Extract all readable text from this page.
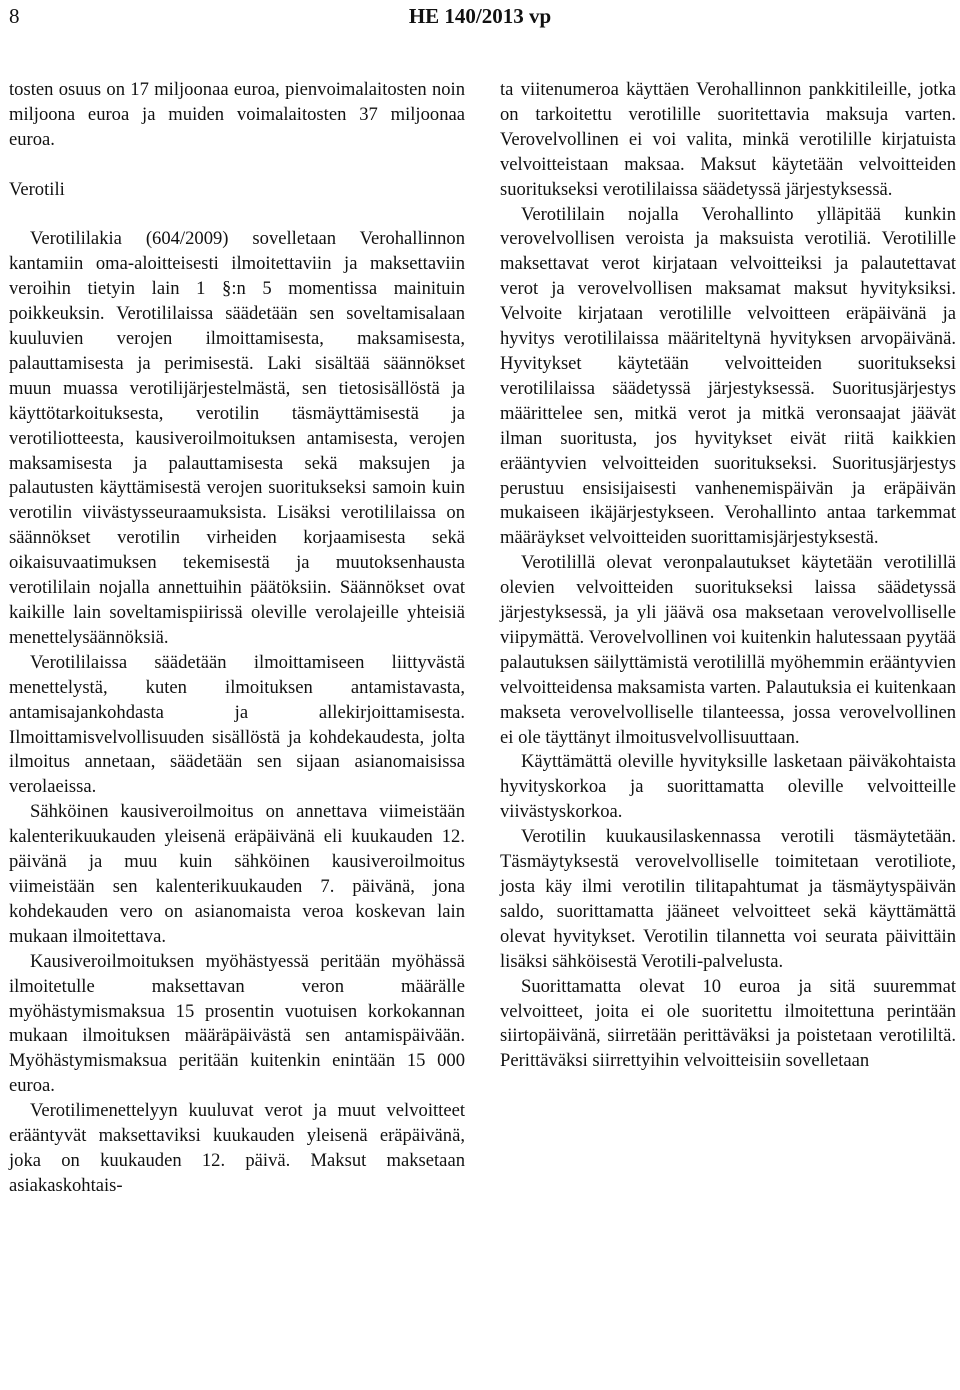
8	HE 140/2013 vp

tosten osuus on 17 miljoonaa euroa, pienvoimalaitosten noin miljoona euroa ja muiden voimalaitosten 37 miljoonaa euroa.

Verotili

Verotililakia (604/2009) sovelletaan Verohallinnon kantamiin oma-aloitteisesti ilmoitettaviin ja maksettaviin veroihin tietyin lain 1 §:n 5 momentissa mainituin poikkeuksin. Verotililaissa säädetään sen soveltamisalaan kuuluvien verojen ilmoittamisesta, maksamisesta, palauttamisesta ja perimisestä. Laki sisältää säännökset muun muassa verotilijärjestelmästä, sen tietosisällöstä ja käyttötarkoituksesta, verotilin täsmäyttämisestä ja verotiliotteesta, kausiveroilmoituksen antamisesta, verojen maksamisesta ja palauttamisesta sekä maksujen ja palautusten käyttämisestä verojen suoritukseksi samoin kuin verotilin viivästysseuraamuksista. Lisäksi verotililaissa on säännökset verotilin virheiden korjaamisesta sekä oikaisuvaatimuksen tekemisestä ja muutoksenhausta verotililain nojalla annettuihin päätöksiin. Säännökset ovat kaikille lain soveltamispiirissä oleville verolajeille yhteisiä menettelysäännöksiä.

Verotililaissa säädetään ilmoittamiseen liittyvästä menettelystä, kuten ilmoituksen antamistavasta, antamisajankohdasta ja allekirjoittamisesta. Ilmoittamisvelvollisuuden sisällöstä ja kohdekaudesta, jolta ilmoitus annetaan, säädetään sen sijaan asianomaisissa verolaeissa.

Sähköinen kausiveroilmoitus on annettava viimeistään kalenterikuukauden yleisenä eräpäivänä eli kuukauden 12. päivänä ja muu kuin sähköinen kausiveroilmoitus viimeistään sen kalenterikuukauden 7. päivänä, jona kohdekauden vero on asianomaista veroa koskevan lain mukaan ilmoitettava.

Kausiveroilmoituksen myöhästyessä peritään myöhässä ilmoitetulle maksettavan veron määrälle myöhästymismaksua 15 prosentin vuotuisen korkokannan mukaan ilmoituksen määräpäivästä sen antamispäivään. Myöhästymismaksua peritään kuitenkin enintään 15 000 euroa.

Verotilimenettelyyn kuuluvat verot ja muut velvoitteet erääntyvät maksettaviksi kuukauden yleisenä eräpäivänä, joka on kuukauden 12. päivä. Maksut maksetaan asiakaskohtais-

ta viitenumeroa käyttäen Verohallinnon pankkitileille, jotka on tarkoitettu verotilille suoritettavia maksuja varten. Verovelvollinen ei voi valita, minkä verotilille kirjatuista velvoitteistaan maksaa. Maksut käytetään velvoitteiden suoritukseksi verotililaissa säädetyssä järjestyksessä.

Verotililain nojalla Verohallinto ylläpitää kunkin verovelvollisen veroista ja maksuista verotiliä. Verotilille maksettavat verot kirjataan velvoitteiksi ja palautettavat verot ja verovelvollisen maksamat maksut hyvityksiksi. Velvoite kirjataan verotilille velvoitteen eräpäivänä ja hyvitys verotililaissa määriteltynä hyvityksen arvopäivänä. Hyvitykset käytetään velvoitteiden suoritukseksi verotililaissa säädetyssä järjestyksessä. Suoritusjärjestys määrittelee sen, mitkä verot ja mitkä veronsaajat jäävät ilman suoritusta, jos hyvitykset eivät riitä kaikkien erääntyvien velvoitteiden suoritukseksi. Suoritusjärjestys perustuu ensisijaisesti vanhenemispäivän ja eräpäivän mukaiseen ikäjärjestykseen. Verohallinto antaa tarkemmat määräykset velvoitteiden suorittamisjärjestyksestä.

Verotilillä olevat veronpalautukset käytetään verotilillä olevien velvoitteiden suoritukseksi laissa säädetyssä järjestyksessä, ja yli jäävä osa maksetaan verovelvolliselle viipymättä. Verovelvollinen voi kuitenkin halutessaan pyytää palautuksen säilyttämistä verotilillä myöhemmin erääntyvien velvoitteidensa maksamista varten. Palautuksia ei kuitenkaan makseta verovelvolliselle tilanteessa, jossa verovelvollinen ei ole täyttänyt ilmoitusvelvollisuuttaan.

Käyttämättä oleville hyvityksille lasketaan päiväkohtaista hyvityskorkoa ja suorittamatta oleville velvoitteille viivästyskorkoa.

Verotilin kuukausilaskennassa verotili täsmäytetään. Täsmäytyksestä verovelvolliselle toimitetaan verotiliote, josta käy ilmi verotilin tilitapahtumat ja täsmäytyspäivän saldo, suorittamatta jääneet velvoitteet sekä käyttämättä olevat hyvitykset. Verotilin tilannetta voi seurata päivittäin lisäksi sähköisestä Verotili-palvelusta.

Suorittamatta olevat 10 euroa ja sitä suuremmat velvoitteet, joita ei ole suoritettu ilmoitettuna perintään siirtopäivänä, siirretään perittäväksi ja poistetaan verotililtä. Perittäväksi siirrettyihin velvoitteisiin sovelletaan
